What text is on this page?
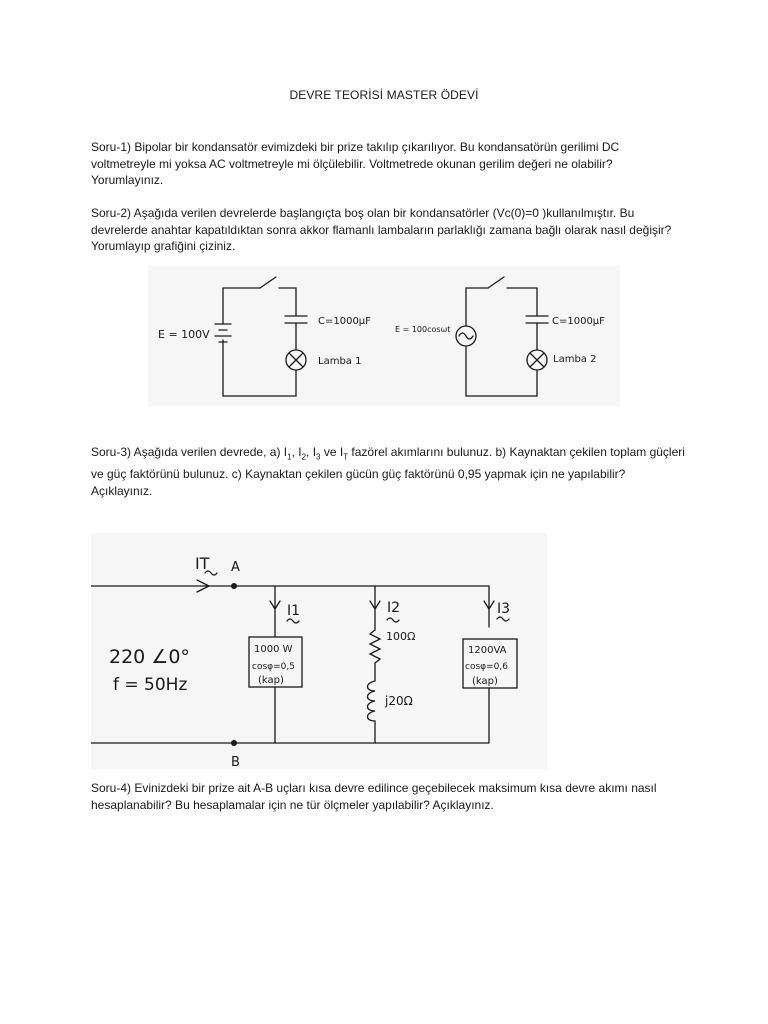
DEVRE TEORİSİ MASTER ÖDEVİ

Soru-1) Bipolar bir kondansatör evimizdeki bir prize takılıp çıkarılıyor. Bu kondansatörün gerilimi DC voltmetreyle mi yoksa AC voltmetreyle mi ölçülebilir. Voltmetrede okunan gerilim değeri ne olabilir? Yorumlayınız.

Soru-2) Aşağıda verilen devrelerde başlangıçta boş olan bir kondansatörler (Vc(0)=0 )kullanılmıştır. Bu devrelerde anahtar kapatıldıktan sonra akkor flamanlı lambaların parlaklığı zamana bağlı olarak nasıl değişir? Yorumlayıp grafiğini çiziniz.

E = 100V
C=1000μF
Lamba 1
E = 100cosωt
C=1000μF
Lamba 2

Soru-3) Aşağıda verilen devrede, a) $I_1$, $I_2$, $I_3$ ve $I_T$ fazörel akımlarını bulunuz. b) Kaynaktan çekilen toplam güçleri ve güç faktörünü bulunuz. c) Kaynaktan çekilen gücün güç faktörünü 0,95 yapmak için ne yapılabilir? Açıklayınız.

IT A
B
220 ∠0°
f = 50Hz
I1	I2	I3
1000 W
cosφ=0,5
(kap)
100Ω
j20Ω
1200VA
cosφ=0,6
(kap)

Soru-4) Evinizdeki bir prize ait A-B uçları kısa devre edilince geçebilecek maksimum kısa devre akımı nasıl hesaplanabilir? Bu hesaplamalar için ne tür ölçmeler yapılabilir? Açıklayınız.
